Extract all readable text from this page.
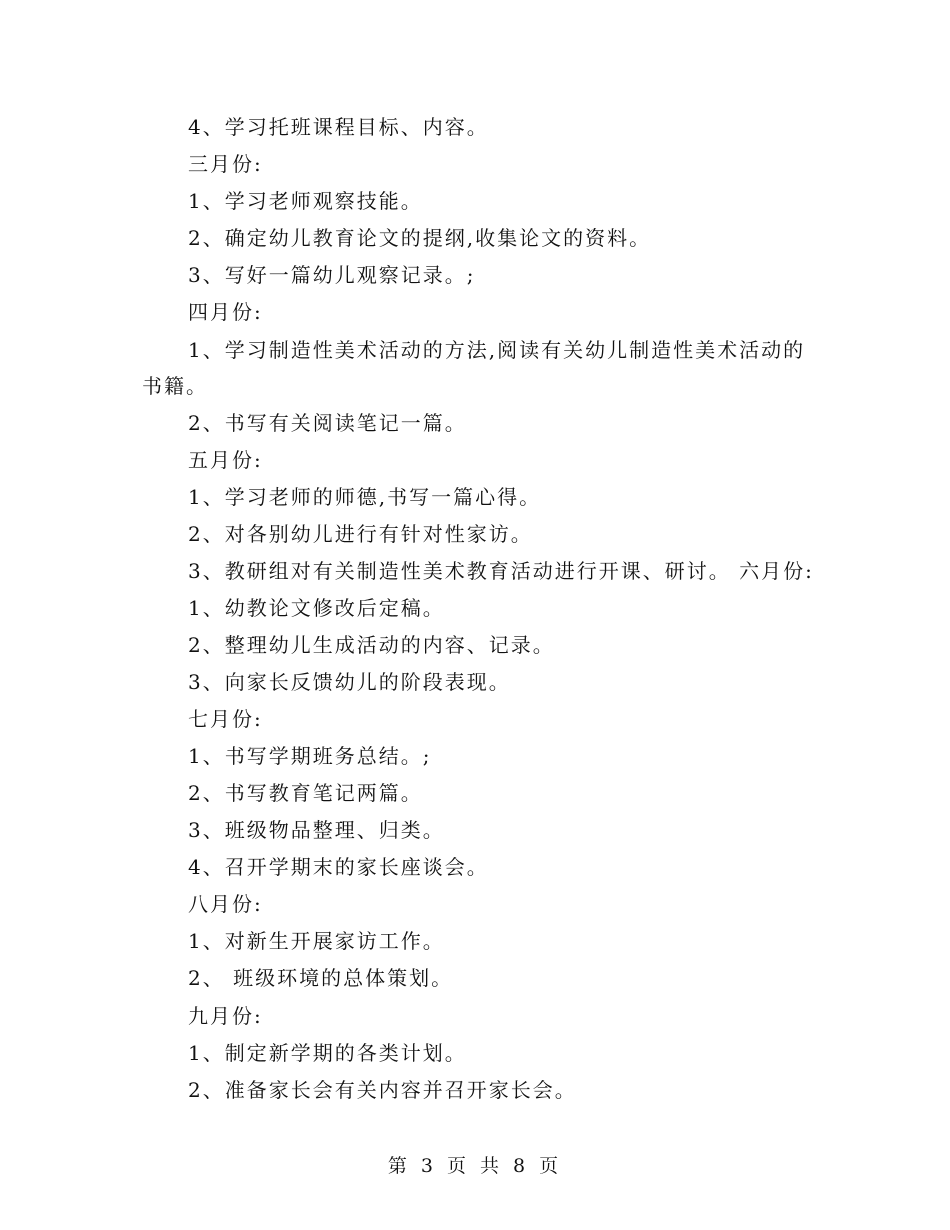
4、学习托班课程目标、内容。
三月份:
1、学习老师观察技能。
2、确定幼儿教育论文的提纲,收集论文的资料。
3、写好一篇幼儿观察记录。;
四月份:
1、学习制造性美术活动的方法,阅读有关幼儿制造性美术活动的
书籍。
2、书写有关阅读笔记一篇。
五月份:
1、学习老师的师德,书写一篇心得。
2、对各别幼儿进行有针对性家访。
3、教研组对有关制造性美术教育活动进行开课、研讨。 六月份:
1、幼教论文修改后定稿。
2、整理幼儿生成活动的内容、记录。
3、向家长反馈幼儿的阶段表现。
七月份:
1、书写学期班务总结。;
2、书写教育笔记两篇。
3、班级物品整理、归类。
4、召开学期末的家长座谈会。
八月份:
1、对新生开展家访工作。
2、 班级环境的总体策划。
九月份:
1、制定新学期的各类计划。
2、准备家长会有关内容并召开家长会。
第 3 页 共 8 页
